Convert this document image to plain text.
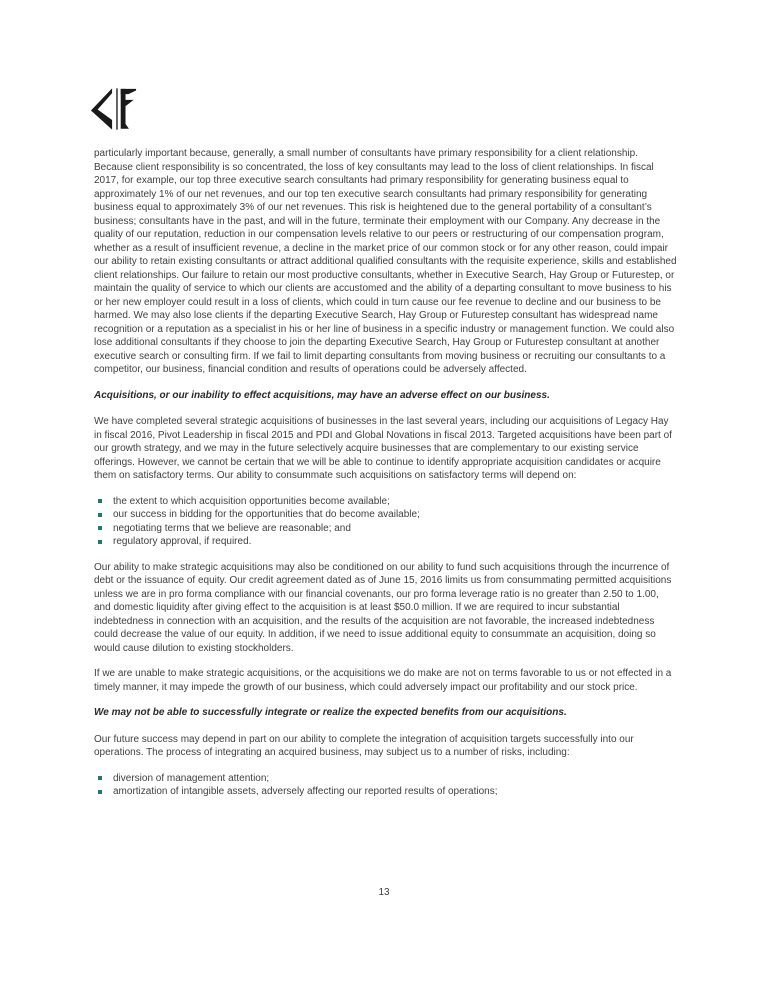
particularly important because, generally, a small number of consultants have primary responsibility for a client relationship. Because client responsibility is so concentrated, the loss of key consultants may lead to the loss of client relationships. In fiscal 2017, for example, our top three executive search consultants had primary responsibility for generating business equal to approximately 1% of our net revenues, and our top ten executive search consultants had primary responsibility for generating business equal to approximately 3% of our net revenues. This risk is heightened due to the general portability of a consultant’s business; consultants have in the past, and will in the future, terminate their employment with our Company. Any decrease in the quality of our reputation, reduction in our compensation levels relative to our peers or restructuring of our compensation program, whether as a result of insufficient revenue, a decline in the market price of our common stock or for any other reason, could impair our ability to retain existing consultants or attract additional qualified consultants with the requisite experience, skills and established client relationships. Our failure to retain our most productive consultants, whether in Executive Search, Hay Group or Futurestep, or maintain the quality of service to which our clients are accustomed and the ability of a departing consultant to move business to his or her new employer could result in a loss of clients, which could in turn cause our fee revenue to decline and our business to be harmed. We may also lose clients if the departing Executive Search, Hay Group or Futurestep consultant has widespread name recognition or a reputation as a specialist in his or her line of business in a specific industry or management function. We could also lose additional consultants if they choose to join the departing Executive Search, Hay Group or Futurestep consultant at another executive search or consulting firm. If we fail to limit departing consultants from moving business or recruiting our consultants to a competitor, our business, financial condition and results of operations could be adversely affected.

Acquisitions, or our inability to effect acquisitions, may have an adverse effect on our business.

We have completed several strategic acquisitions of businesses in the last several years, including our acquisitions of Legacy Hay in fiscal 2016, Pivot Leadership in fiscal 2015 and PDI and Global Novations in fiscal 2013. Targeted acquisitions have been part of our growth strategy, and we may in the future selectively acquire businesses that are complementary to our existing service offerings. However, we cannot be certain that we will be able to continue to identify appropriate acquisition candidates or acquire them on satisfactory terms. Our ability to consummate such acquisitions on satisfactory terms will depend on:

the extent to which acquisition opportunities become available;
our success in bidding for the opportunities that do become available;
negotiating terms that we believe are reasonable; and
regulatory approval, if required.

Our ability to make strategic acquisitions may also be conditioned on our ability to fund such acquisitions through the incurrence of debt or the issuance of equity. Our credit agreement dated as of June 15, 2016 limits us from consummating permitted acquisitions unless we are in pro forma compliance with our financial covenants, our pro forma leverage ratio is no greater than 2.50 to 1.00, and domestic liquidity after giving effect to the acquisition is at least $50.0 million. If we are required to incur substantial indebtedness in connection with an acquisition, and the results of the acquisition are not favorable, the increased indebtedness could decrease the value of our equity. In addition, if we need to issue additional equity to consummate an acquisition, doing so would cause dilution to existing stockholders.

If we are unable to make strategic acquisitions, or the acquisitions we do make are not on terms favorable to us or not effected in a timely manner, it may impede the growth of our business, which could adversely impact our profitability and our stock price.

We may not be able to successfully integrate or realize the expected benefits from our acquisitions.

Our future success may depend in part on our ability to complete the integration of acquisition targets successfully into our operations. The process of integrating an acquired business, may subject us to a number of risks, including:

diversion of management attention;
amortization of intangible assets, adversely affecting our reported results of operations;
13
